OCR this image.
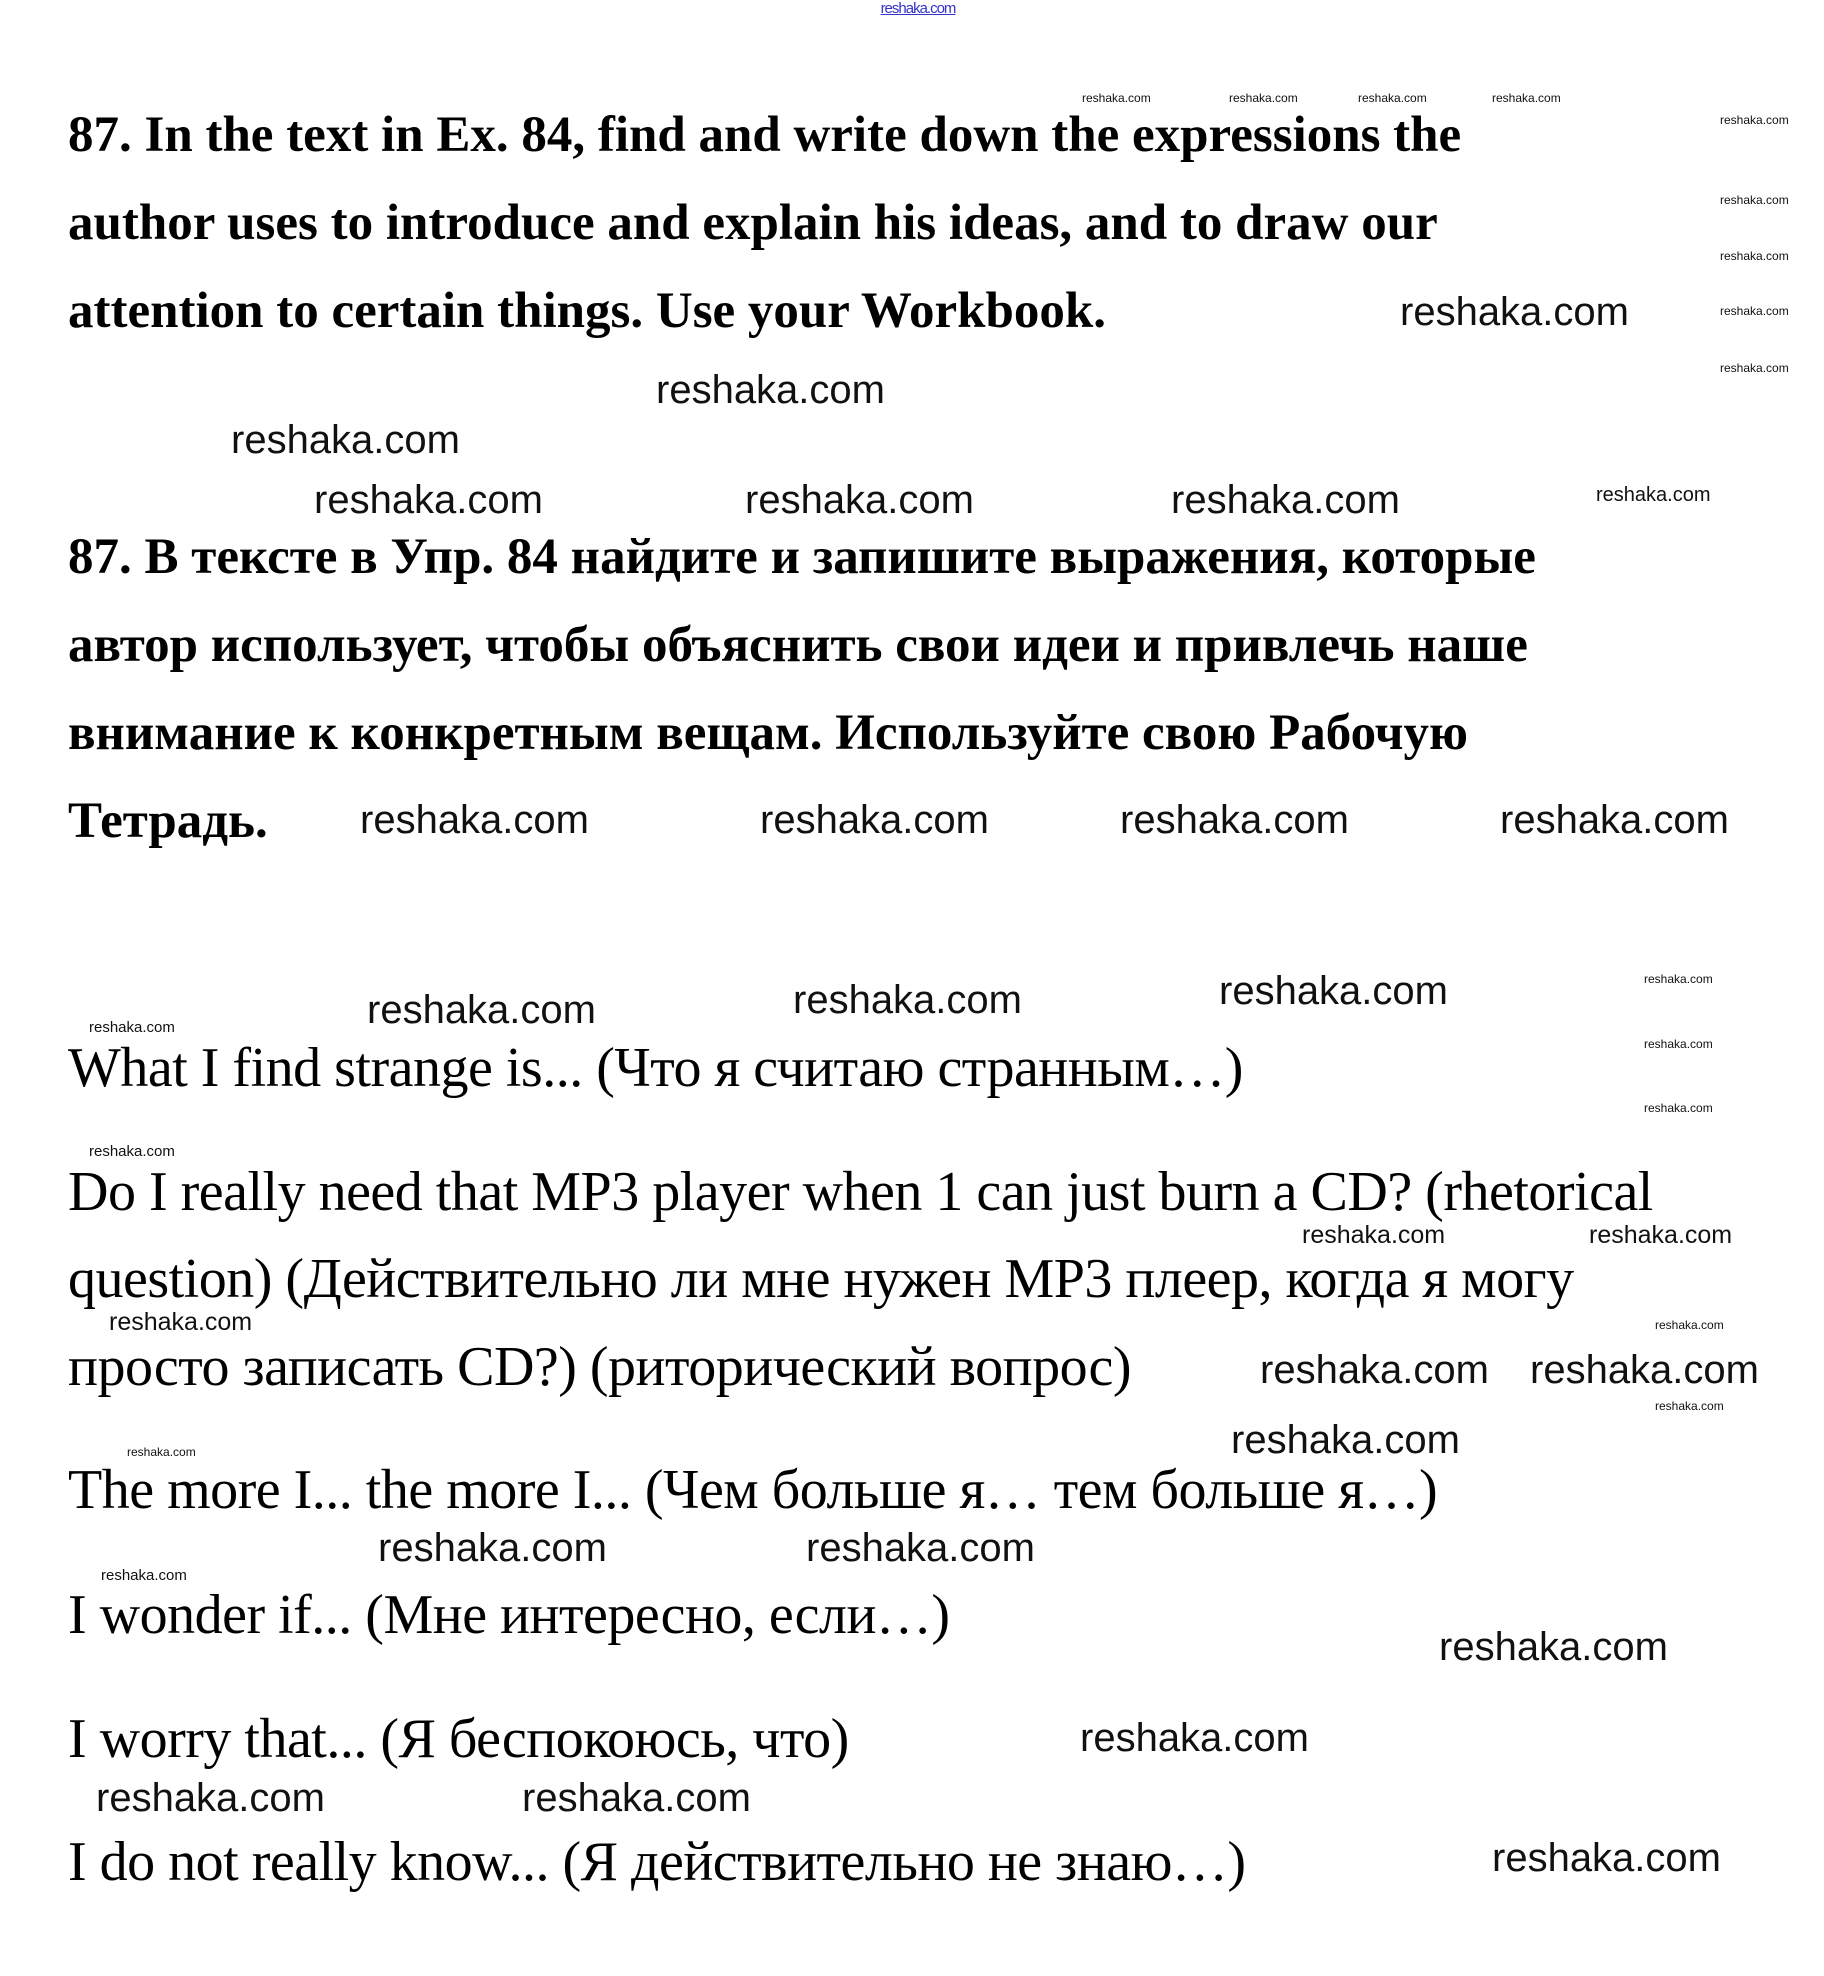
reshaka.com
87. In the text in Ex. 84, find and write down the expressions the
author uses to introduce and explain his ideas, and to draw our
attention to certain things. Use your Workbook.
87. В тексте в Упр. 84 найдите и запишите выражения, которые
автор использует, чтобы объяснить свои идеи и привлечь наше
внимание к конкретным вещам. Используйте свою Рабочую
Тетрадь.
What I find strange is... (Что я считаю странным…)
Do I really need that MP3 player when 1 can just burn a CD? (rhetorical
question) (Действительно ли мне нужен MP3 плеер, когда я могу
просто записать CD?) (риторический вопрос)
The more I... the more I... (Чем больше я… тем больше я…)
I wonder if... (Мне интересно, если…)
I worry that... (Я беспокоюсь, что)
I do not really know... (Я действительно не знаю…)
reshaka.com
reshaka.com
reshaka.com
reshaka.com	reshaka.com	reshaka.com
reshaka.com	reshaka.com	reshaka.com	reshaka.com
reshaka.com	reshaka.com
reshaka.com
reshaka.com reshaka.com
reshaka.com
reshaka.com	reshaka.com
reshaka.com
reshaka.com
reshaka.com	reshaka.com
reshaka.com
reshaka.com	reshaka.com
reshaka.com
reshaka.com
reshaka.com	reshaka.com	reshaka.com	reshaka.com
reshaka.com
reshaka.com
reshaka.com
reshaka.com
reshaka.com
reshaka.com
reshaka.com
reshaka.com
reshaka.com
reshaka.com
reshaka.com
reshaka.com
reshaka.com
reshaka.com
